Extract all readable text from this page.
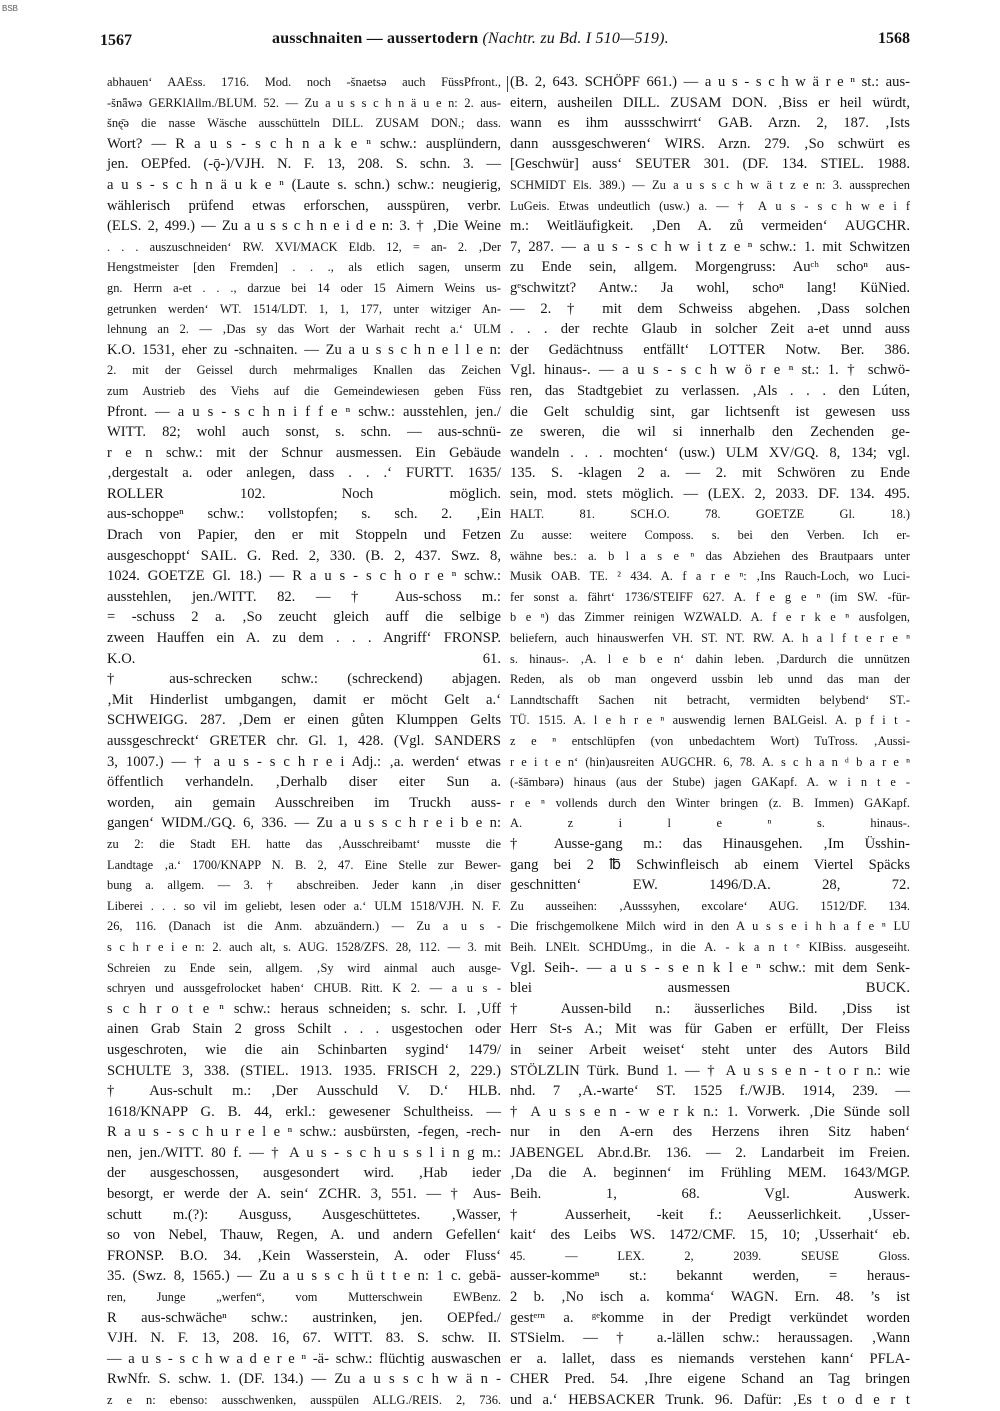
BSB
1567	ausschnaiten — aussertodern (Nachtr. zu Bd. I 510—519).	1568
abhauen‘ AAEss. 1716. Mod. noch -šnaetsə auch FüssPfront.,
-šnǟwə GERKlAllm./BLUM. 52. — Zu a u s s c h n ä u e n: 2. aus-
šnę̄ə die nasse Wäsche ausschütteln DILL. ZUSAM DON.; dass.
Wort? — R a u s - s c h n a k e ⁿ schw.: ausplündern,
jen. OEPfed. (-ǭ-)/VJH. N. F. 13, 208. S. schn. 3. —
a u s - s c h n ä u k e ⁿ (Laute s. schn.) schw.: neugierig,
wählerisch prüfend etwas erforschen, ausspüren, verbr.
(ELS. 2, 499.) — Zu a u s s c h n e i d e n: 3. † ‚Die Weine
. . . auszuschneiden‘ RW. XVI/MACK Eldb. 12, = an- 2. ‚Der
Hengstmeister [den Fremden] . . ., als etlich sagen, unserm
gn. Herrn a-et . . ., darzue bei 14 oder 15 Aimern Weins us-
getrunken werden‘ WT. 1514/LDT. 1, 1, 177, unter witziger An-
lehnung an 2. — ‚Das sy das Wort der Warhait recht a.‘ ULM
K.O. 1531, eher zu -schnaiten. — Zu a u s s c h n e l l e n:
2. mit der Geissel durch mehrmaliges Knallen das Zeichen
zum Austrieb des Viehs auf die Gemeindewiesen geben Füss
Pfront. — a u s - s c h n i f f e ⁿ schw.: ausstehlen, jen./
WITT. 82; wohl auch sonst, s. schn. — aus-schnü-
r e n schw.: mit der Schnur ausmessen. Ein Gebäude
‚dergestalt a. oder anlegen, dass . . .‘ FURTT. 1635/
ROLLER 102. Noch möglich.
aus-schoppeⁿ schw.: vollstopfen; s. sch. 2. ‚Ein
Drach von Papier, den er mit Stoppeln und Fetzen
ausgeschoppt‘ SAIL. G. Red. 2, 330. (B. 2, 437. Swz. 8,
1024. GOETZE Gl. 18.) — R a u s - s c h o r e ⁿ schw.:
ausstehlen, jen./WITT. 82. — † Aus-schoss m.:
= -schuss 2 a. ‚So zeucht gleich auff die selbige
zween Hauffen ein A. zu dem . . . Angriff‘ FRONSP.
K.O. 61.
† aus-schrecken schw.: (schreckend) abjagen.
‚Mit Hinderlist umbgangen, damit er möcht Gelt a.‘
SCHWEIGG. 287. ‚Dem er einen gůten Klumppen Gelts
aussgeschreckt‘ GRETER chr. Gl. 1, 428. (Vgl. SANDERS
3, 1007.) — † a u s - s c h r e i Adj.: ‚a. werden‘ etwas
öffentlich verhandeln. ‚Derhalb diser eiter Sun a.
worden, ain gemain Ausschreiben im Truckh auss-
gangen‘ WIDM./GQ. 6, 336. — Zu a u s s c h r e i b e n:
zu 2: die Stadt EH. hatte das ‚Ausschreibamt‘ musste die
Landtage ‚a.‘ 1700/KNAPP N. B. 2, 47. Eine Stelle zur Bewer-
bung a. allgem. — 3. † abschreiben. Jeder kann ‚in diser
Liberei . . . so vil im geliebt, lesen oder a.‘ ULM 1518/VJH. N. F.
26, 116. (Danach ist die Anm. abzuändern.) — Zu a u s -
s c h r e i e n: 2. auch alt, s. AUG. 1528/ZFS. 28, 112. — 3. mit
Schreien zu Ende sein, allgem. ‚Sy wird ainmal auch ausge-
schryen und aussgefrolocket haben‘ CHUB. Ritt. K 2. — a u s -
s c h r o t e ⁿ schw.: heraus schneiden; s. schr. I. ‚Uff
ainen Grab Stain 2 gross Schilt . . . usgestochen oder
usgeschroten, wie die ain Schinbarten sygind‘ 1479/
SCHULTE 3, 338. (STIEL. 1913. 1935. FRISCH 2, 229.)
† Aus-schult m.: ‚Der Ausschuld V. D.‘ HLB.
1618/KNAPP G. B. 44, erkl.: gewesener Schultheiss. —
R a u s - s c h u r e l e ⁿ schw.: ausbürsten, -fegen, -rech-
nen, jen./WITT. 80 f. — † A u s - s c h u s s l i n g m.:
der ausgeschossen, ausgesondert wird. ‚Hab ieder
besorgt, er werde der A. sein‘ ZCHR. 3, 551. — † Aus-
schutt m.(?): Ausguss, Ausgeschüttetes. ‚Wasser,
so von Nebel, Thauw, Regen, A. und andern Gefellen‘
FRONSP. B.O. 34. ‚Kein Wasserstein, A. oder Fluss‘
35. (Swz. 8, 1565.) — Zu a u s s c h ü t t e n: 1 c. gebä-
ren, Junge „werfen“, vom Mutterschwein EWBenz.
R aus-schwächeⁿ schw.: austrinken, jen. OEPfed./
VJH. N. F. 13, 208. 16, 67. WITT. 83. S. schw. II.
— a u s - s c h w a d e r e ⁿ -ä- schw.: flüchtig auswaschen
RwNfr. S. schw. 1. (DF. 134.) — Zu a u s s c h w ä n -
z e n: ebenso: ausschwenken, ausspülen ALLG./REIS. 2, 736.
(B. 2, 643. SCHÖPF 661.) — a u s - s c h w ä r e ⁿ st.: aus-
eitern, ausheilen DILL. ZUSAM DON. ‚Biss er heil würdt,
wann es ihm aussschwirrt‘ GAB. Arzn. 2, 187. ‚Ists
dann aussgeschweren‘ WIRS. Arzn. 279. ‚So schwürt es
[Geschwür] auss‘ SEUTER 301. (DF. 134. STIEL. 1988.
SCHMIDT Els. 389.) — Zu a u s s c h w ä t z e n: 3. aussprechen
LuGeis. Etwas undeutlich (usw.) a. — † A u s - s c h w e i f
m.: Weitläufigkeit. ‚Den A. zů vermeiden‘ AUGCHR.
7, 287. — a u s - s c h w i t z e ⁿ schw.: 1. mit Schwitzen
zu Ende sein, allgem. Morgengruss: Auᶜʰ schoⁿ aus-
gᵉschwitzt? Antw.: Ja wohl, schoⁿ lang! KüNied.
— 2. † mit dem Schweiss abgehen. ‚Dass solchen
. . . der rechte Glaub in solcher Zeit a-et unnd auss
der Gedächtnuss entfällt‘ LOTTER Notw. Ber. 386.
Vgl. hinaus-. — a u s - s c h w ö r e ⁿ st.: 1. † schwö-
ren, das Stadtgebiet zu verlassen. ‚Als . . . den Lúten,
die Gelt schuldig sint, gar lichtsenft ist gewesen uss
ze sweren, die wil si innerhalb den Zechenden ge-
wandeln . . . mochten‘ (usw.) ULM XV/GQ. 8, 134; vgl.
135. S. -klagen 2 a. — 2. mit Schwören zu Ende
sein, mod. stets möglich. — (LEX. 2, 2033. DF. 134. 495.
HALT. 81. SCH.O. 78. GOETZE Gl. 18.)
Zu ausse: weitere Composs. s. bei den Verben. Ich er-
wähne bes.: a. b l a s e ⁿ das Abziehen des Brautpaars unter
Musik OAB. TE. ² 434. A. f a r e ⁿ: ‚Ins Rauch-Loch, wo Luci-
fer sonst a. fährt‘ 1736/STEIFF 627. A. f e g e ⁿ (im SW. -für-
b e ⁿ) das Zimmer reinigen WZWALD. A. f e r k e ⁿ ausfolgen,
beliefern, auch hinauswerfen VH. ST. NT. RW. A. h a l f t e r e ⁿ
s. hinaus-. ‚A. l e b e n‘ dahin leben. ‚Dardurch die unnützen
Reden, als ob man ongeverd ussbin leb unnd das man der
Lanndtschafft Sachen nit betracht, vermidten belybend‘ ST.-
TÜ. 1515. A. l e h r e ⁿ auswendig lernen BALGeisl. A. p f i t -
z e ⁿ entschlüpfen (von unbedachtem Wort) TuTross. ‚Aussi-
r e i t e n‘ (hin)ausreiten AUGCHR. 6, 78. A. s c h a n ᵈ b a r e ⁿ
(-šāmbərə) hinaus (aus der Stube) jagen GAKapf. A. w i n t e -
r e ⁿ vollends durch den Winter bringen (z. B. Immen) GAKapf.
A. z i l e ⁿ s. hinaus-.
† Ausse-gang m.: das Hinausgehen. ‚Im Üsshin-
gang bei 2 ℔ Schwinfleisch ab einem Viertel Späcks
geschnitten‘ EW. 1496/D.A. 28, 72.
Zu ausseihen: ‚Ausssyhen, excolare‘ AUG. 1512/DF. 134.
Die frischgemolkene Milch wird in den A u s s e i h h a f e ⁿ LU
Beih. LNElt. SCHDUmg., in die A. - k a n t ᵉ KIBiss. ausgeseiht.
Vgl. Seih-. — a u s - s e n k l e ⁿ schw.: mit dem Senk-
blei ausmessen BUCK.
† Aussen-bild n.: äusserliches Bild. ‚Diss ist
Herr St-s A.; Mit was für Gaben er erfüllt, Der Fleiss
in seiner Arbeit weiset‘ steht unter des Autors Bild
STÖLZLIN Türk. Bund 1. — † A u s s e n - t o r n.: wie
nhd. 7 ‚A.-warte‘ ST. 1525 f./WJB. 1914, 239. —
† A u s s e n - w e r k n.: 1. Vorwerk. ‚Die Sünde soll
nur in den A-ern des Herzens ihren Sitz haben‘
JABENGEL Abr.d.Br. 136. — 2. Landarbeit im Freien.
‚Da die A. beginnen‘ im Frühling MEM. 1643/MGP.
Beih. 1, 68. Vgl. Auswerk.
† Ausserheit, -keit f.: Aeusserlichkeit. ‚Usser-
kait‘ des Leibs WS. 1472/CMF. 15, 10; ‚Usserhait‘ eb.
45. — LEX. 2, 2039. SEUSE Gloss.
ausser-kommeⁿ st.: bekannt werden, = heraus-
2 b. ‚No isch a. komma‘ WAGN. Ern. 48. ’s ist
gestᵉʳⁿ a. ᵍᵉkomme in der Predigt verkündet worden
STSielm. — † a.-lällen schw.: heraussagen. ‚Wann
er a. lallet, dass es niemands verstehen kann‘ PFLA-
CHER Pred. 54. ‚Ihre eigene Schand an Tag bringen
und a.‘ HEBSACKER Trunk. 96. Dafür: ‚Es t o d e r t
